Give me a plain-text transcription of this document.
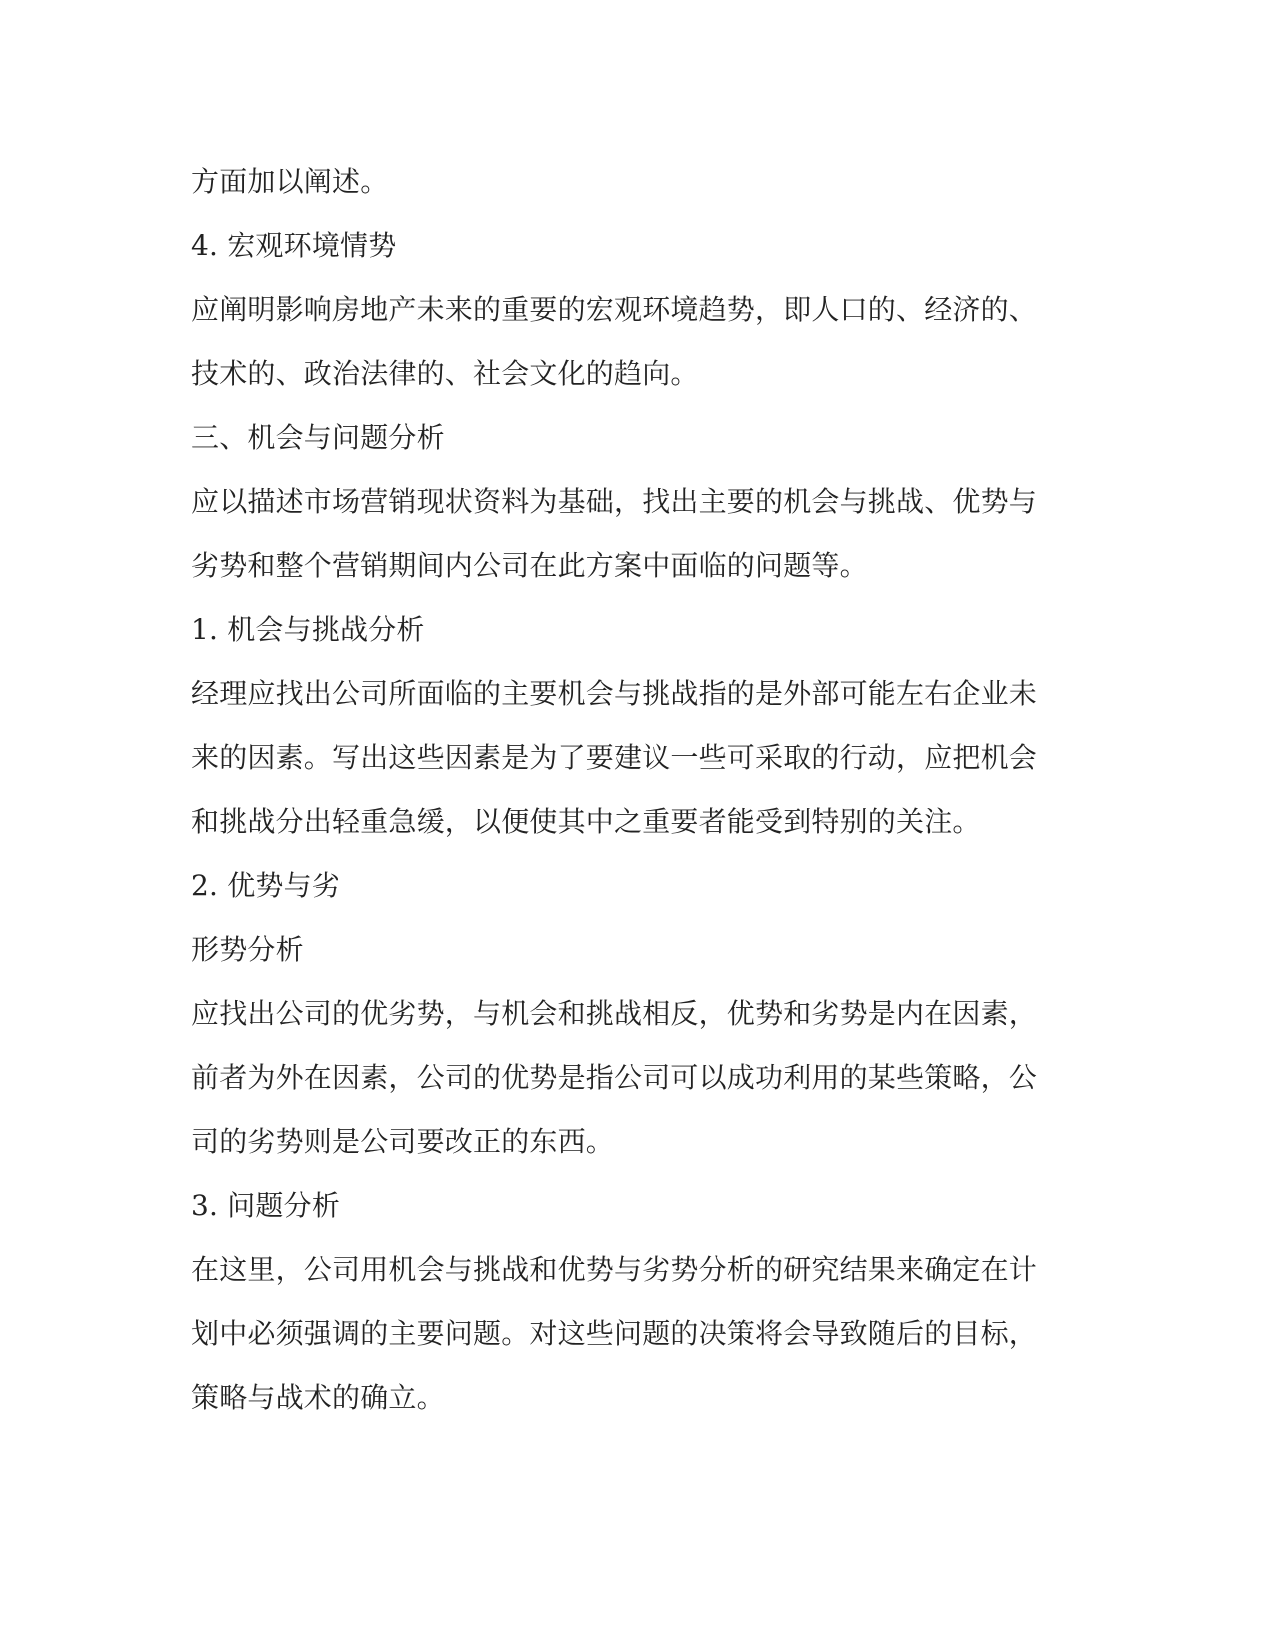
方面加以阐述。
4. 宏观环境情势
应阐明影响房地产未来的重要的宏观环境趋势，即人口的、经济的、
技术的、政治法律的、社会文化的趋向。
三、机会与问题分析
应以描述市场营销现状资料为基础，找出主要的机会与挑战、优势与
劣势和整个营销期间内公司在此方案中面临的问题等。
1. 机会与挑战分析
经理应找出公司所面临的主要机会与挑战指的是外部可能左右企业未
来的因素。写出这些因素是为了要建议一些可采取的行动，应把机会
和挑战分出轻重急缓，以便使其中之重要者能受到特别的关注。
2. 优势与劣
形势分析
应找出公司的优劣势，与机会和挑战相反，优势和劣势是内在因素，
前者为外在因素，公司的优势是指公司可以成功利用的某些策略，公
司的劣势则是公司要改正的东西。
3. 问题分析
在这里，公司用机会与挑战和优势与劣势分析的研究结果来确定在计
划中必须强调的主要问题。对这些问题的决策将会导致随后的目标，
策略与战术的确立。
